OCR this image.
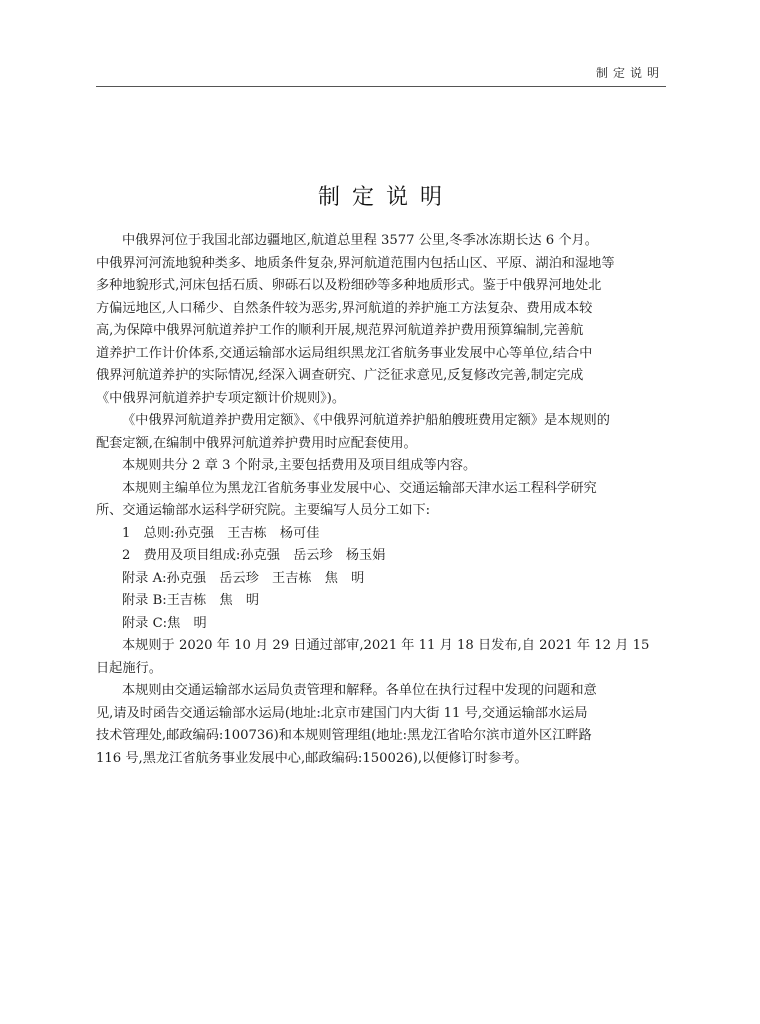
制定说明
制定说明
中俄界河位于我国北部边疆地区,航道总里程 3577 公里,冬季冰冻期长达 6 个月。
中俄界河河流地貌种类多、地质条件复杂,界河航道范围内包括山区、平原、湖泊和湿地等
多种地貌形式,河床包括石质、卵砾石以及粉细砂等多种地质形式。鉴于中俄界河地处北
方偏远地区,人口稀少、自然条件较为恶劣,界河航道的养护施工方法复杂、费用成本较
高,为保障中俄界河航道养护工作的顺利开展,规范界河航道养护费用预算编制,完善航
道养护工作计价体系,交通运输部水运局组织黑龙江省航务事业发展中心等单位,结合中
俄界河航道养护的实际情况,经深入调查研究、广泛征求意见,反复修改完善,制定完成
《中俄界河航道养护专项定额计价规则》)。
《中俄界河航道养护费用定额》、《中俄界河航道养护船舶艘班费用定额》是本规则的
配套定额,在编制中俄界河航道养护费用时应配套使用。
本规则共分 2 章 3 个附录,主要包括费用及项目组成等内容。
本规则主编单位为黑龙江省航务事业发展中心、交通运输部天津水运工程科学研究
所、交通运输部水运科学研究院。主要编写人员分工如下:
1　总则:孙克强　王吉栋　杨可佳
2　费用及项目组成:孙克强　岳云珍　杨玉娟
附录 A:孙克强　岳云珍　王吉栋　焦　明
附录 B:王吉栋　焦　明
附录 C:焦　明
本规则于 2020 年 10 月 29 日通过部审,2021 年 11 月 18 日发布,自 2021 年 12 月 15
日起施行。
本规则由交通运输部水运局负责管理和解释。各单位在执行过程中发现的问题和意
见,请及时函告交通运输部水运局(地址:北京市建国门内大街 11 号,交通运输部水运局
技术管理处,邮政编码:100736)和本规则管理组(地址:黑龙江省哈尔滨市道外区江畔路
116 号,黑龙江省航务事业发展中心,邮政编码:150026),以便修订时参考。
